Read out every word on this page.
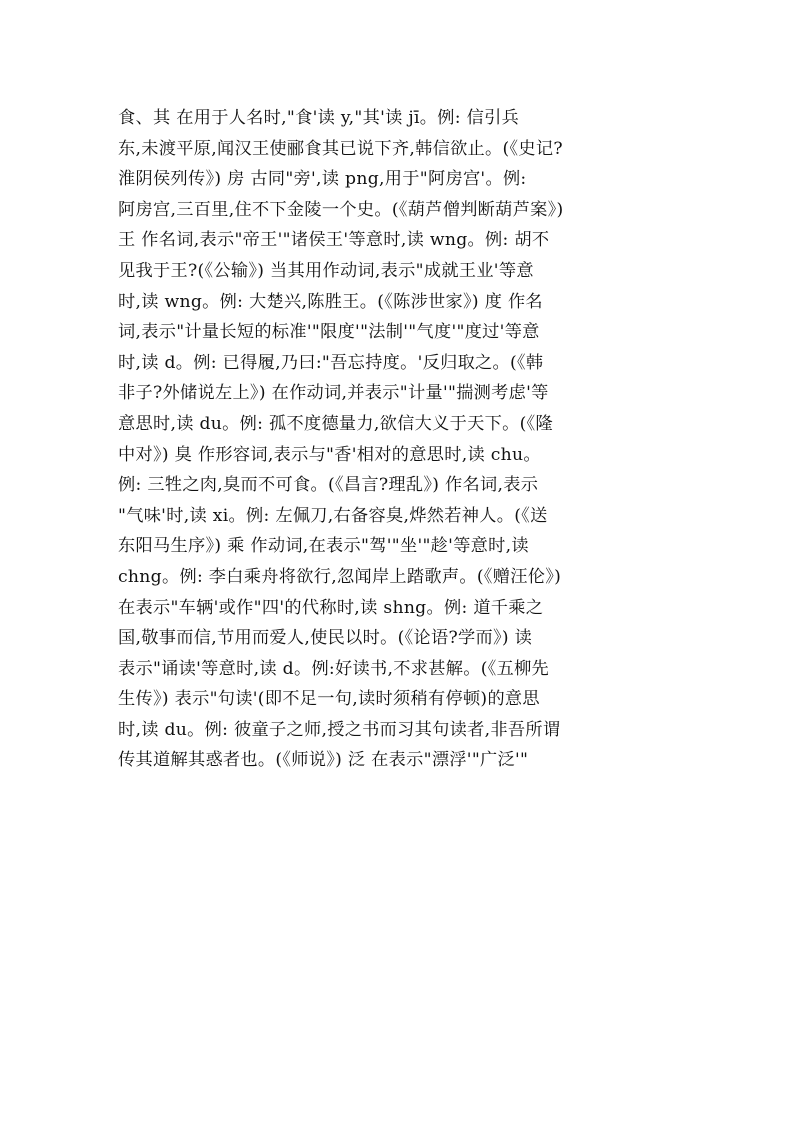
食、其 在用于人名时,"食'读 y,"其'读 jī。例: 信引兵
东,未渡平原,闻汉王使郦食其已说下齐,韩信欲止。(《史记?
淮阴侯列传》) 房 古同"旁',读 png,用于"阿房宫'。例:
阿房宫,三百里,住不下金陵一个史。(《葫芦僧判断葫芦案》)
王 作名词,表示"帝王'"诸侯王'等意时,读 wng。例: 胡不
见我于王?(《公输》) 当其用作动词,表示"成就王业'等意
时,读 wng。例: 大楚兴,陈胜王。(《陈涉世家》) 度 作名
词,表示"计量长短的标准'"限度'"法制'"气度'"度过'等意
时,读 d。例: 已得履,乃曰:"吾忘持度。'反归取之。(《韩
非子?外储说左上》) 在作动词,并表示"计量'"揣测考虑'等
意思时,读 du。例: 孤不度德量力,欲信大义于天下。(《隆
中对》) 臭 作形容词,表示与"香'相对的意思时,读 chu。
例: 三牲之肉,臭而不可食。(《昌言?理乱》) 作名词,表示
"气味'时,读 xi。例: 左佩刀,右备容臭,烨然若神人。(《送
东阳马生序》) 乘 作动词,在表示"驾'"坐'"趁'等意时,读
chng。例: 李白乘舟将欲行,忽闻岸上踏歌声。(《赠汪伦》)
在表示"车辆'或作"四'的代称时,读 shng。例: 道千乘之
国,敬事而信,节用而爱人,使民以时。(《论语?学而》) 读
表示"诵读'等意时,读 d。例:好读书,不求甚解。(《五柳先
生传》) 表示"句读'(即不足一句,读时须稍有停顿)的意思
时,读 du。例: 彼童子之师,授之书而习其句读者,非吾所谓
传其道解其惑者也。(《师说》) 泛 在表示"漂浮'"广泛'"
